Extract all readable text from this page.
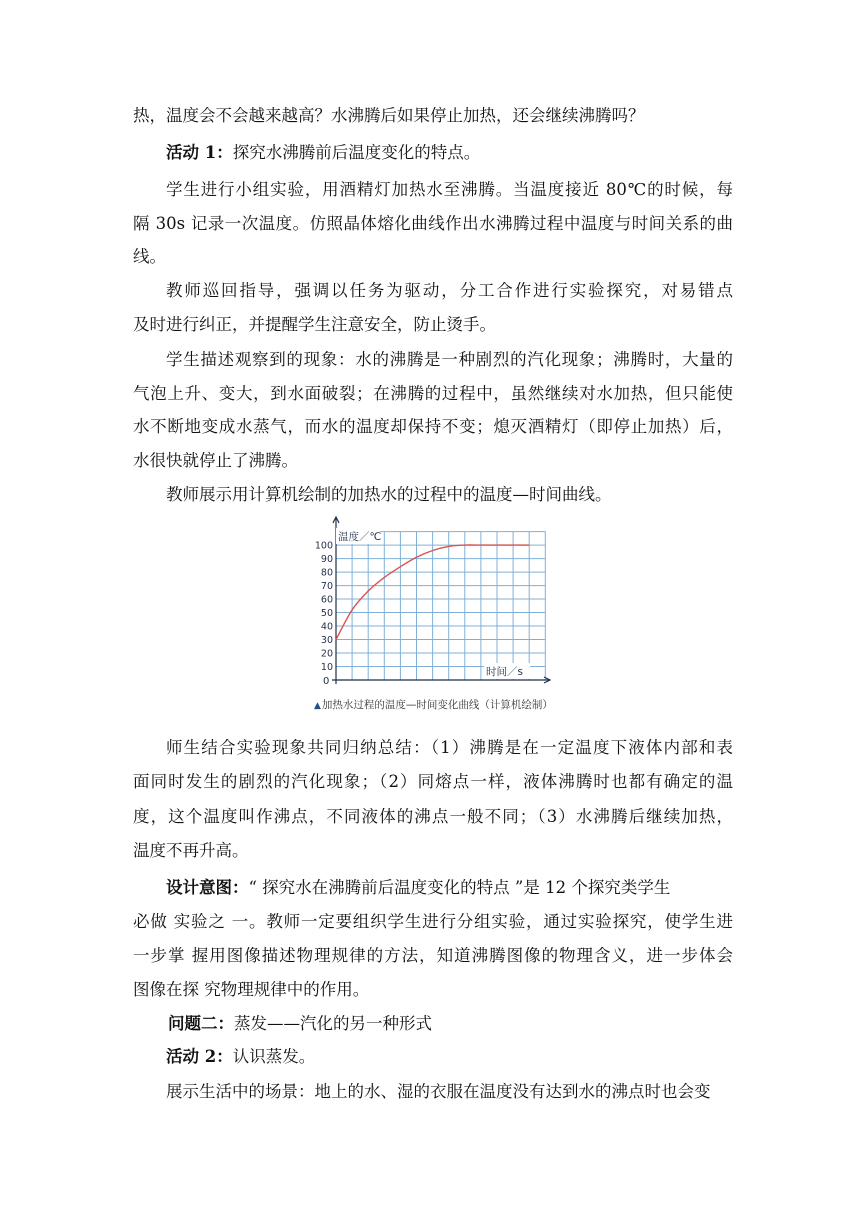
热，温度会不会越来越高？水沸腾后如果停止加热，还会继续沸腾吗？
活动 1：探究水沸腾前后温度变化的特点。
学生进行小组实验，用酒精灯加热水至沸腾。当温度接近 80℃的时候，每
隔 30s 记录一次温度。仿照晶体熔化曲线作出水沸腾过程中温度与时间关系的曲
线。
教师巡回指导，强调以任务为驱动，分工合作进行实验探究，对易错点
及时进行纠正，并提醒学生注意安全，防止烫手。
学生描述观察到的现象：水的沸腾是一种剧烈的汽化现象；沸腾时，大量的
气泡上升、变大，到水面破裂；在沸腾的过程中，虽然继续对水加热，但只能使
水不断地变成水蒸气，而水的温度却保持不变；熄灭酒精灯（即停止加热）后，
水很快就停止了沸腾。
教师展示用计算机绘制的加热水的过程中的温度—时间曲线。
100
90
80
70
60
50
40
30
20
10
温度／℃
时间／s
0
▲加热水过程的温度—时间变化曲线（计算机绘制）
师生结合实验现象共同归纳总结：（1）沸腾是在一定温度下液体内部和表
面同时发生的剧烈的汽化现象；（2）同熔点一样，液体沸腾时也都有确定的温
度，这个温度叫作沸点，不同液体的沸点一般不同；（3）水沸腾后继续加热，
温度不再升高。
设计意图：“ 探究水在沸腾前后温度变化的特点 ”是 12 个探究类学生
必做 实验之 一。教师一定要组织学生进行分组实验，通过实验探究，使学生进
一步掌 握用图像描述物理规律的方法，知道沸腾图像的物理含义，进一步体会
图像在探 究物理规律中的作用。
问题二：蒸发——汽化的另一种形式
活动 2：认识蒸发。
展示生活中的场景：地上的水、湿的衣服在温度没有达到水的沸点时也会变
